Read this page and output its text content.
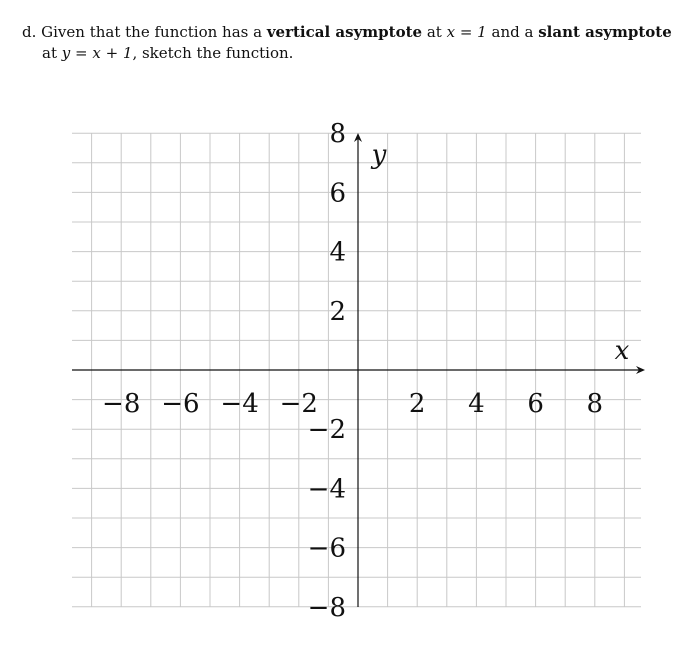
d. Given that the function has a vertical asymptote at x = 1 and a slant asymptote
at y = x + 1, sketch the function.
x
y
−8 −6 −4 −2	2 4 6 8
8
6
4
2
−2
−4
−6
−8
